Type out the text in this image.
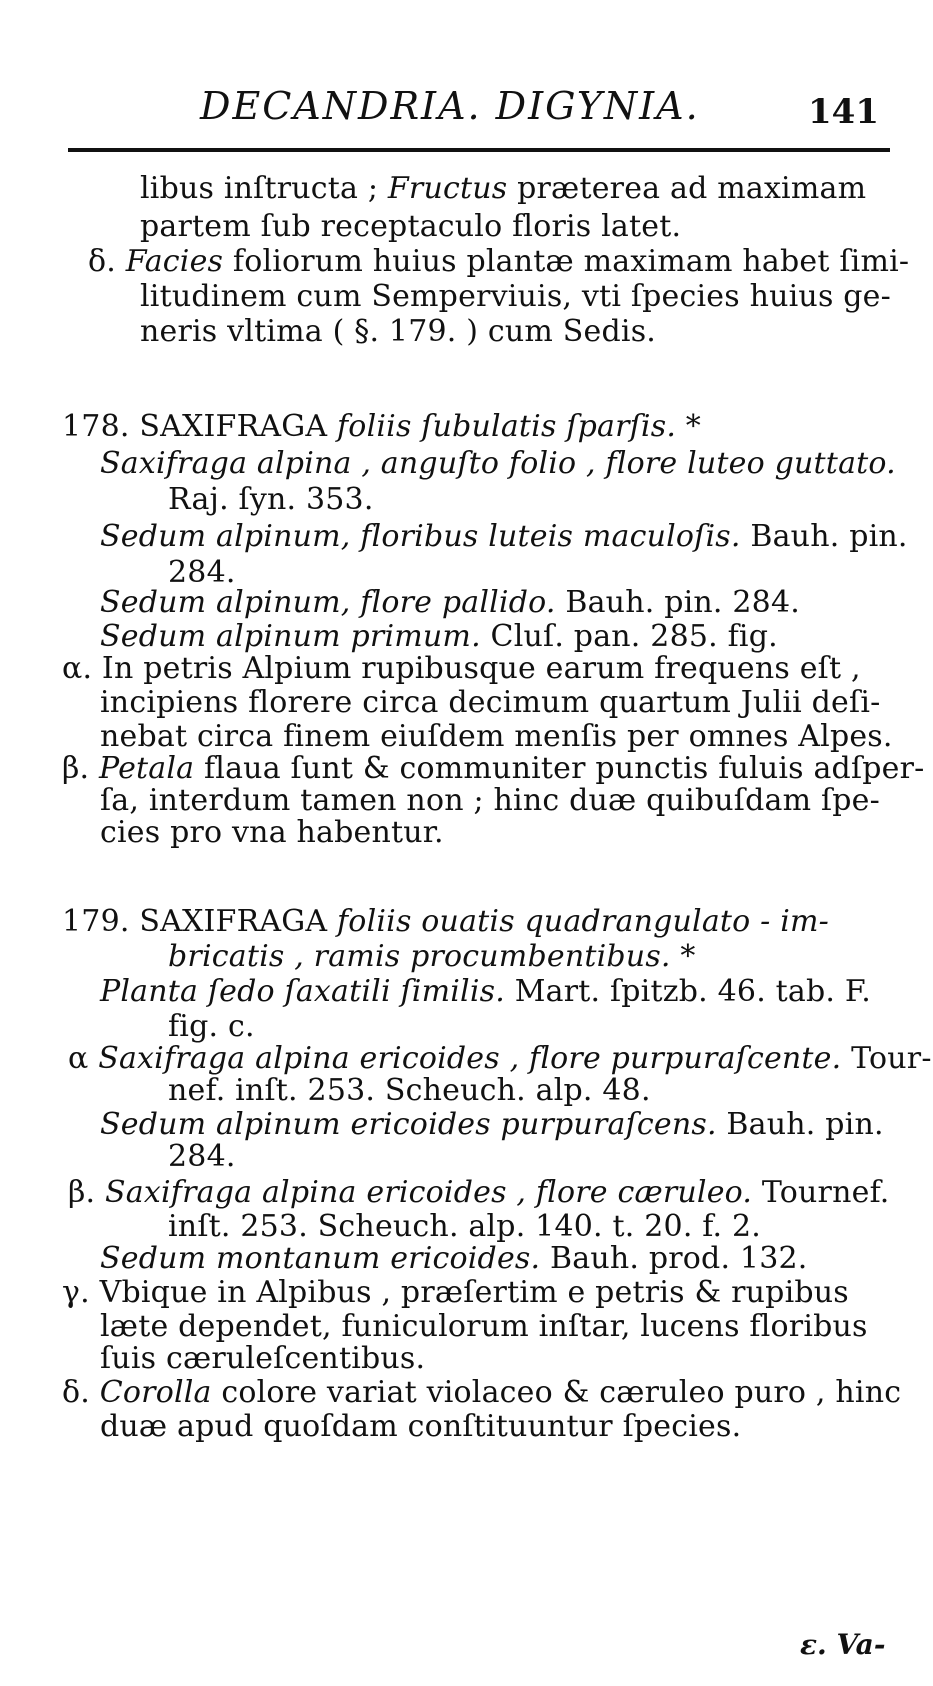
DECANDRIA. DIGYNIA.	141
libus inſtructa ; Fructus præterea ad maximam
partem ſub receptaculo floris latet.
δ. Facies foliorum huius plantæ maximam habet ſimi-
litudinem cum Semperviuis, vti ſpecies huius ge-
neris vltima ( §. 179. ) cum Sedis.
178. SAXIFRAGA foliis ſubulatis ſparſis. *
Saxifraga alpina , anguſto folio , flore luteo guttato.
Raj. ſyn. 353.
Sedum alpinum, floribus luteis maculoſis. Bauh. pin.
284.
Sedum alpinum, flore pallido. Bauh. pin. 284.
Sedum alpinum primum. Cluſ. pan. 285. fig.
α. In petris Alpium rupibusque earum frequens eſt ,
incipiens florere circa decimum quartum Julii deſi-
nebat circa finem eiuſdem menſis per omnes Alpes.
β. Petala flaua ſunt & communiter punctis fuluis adſper-
ſa, interdum tamen non ; hinc duæ quibuſdam ſpe-
cies pro vna habentur.
179. SAXIFRAGA foliis ouatis quadrangulato - im-
bricatis , ramis procumbentibus. *
Planta ſedo ſaxatili ſimilis. Mart. ſpitzb. 46. tab. F.
fig. c.
α Saxifraga alpina ericoides , flore purpuraſcente. Tour-
nef. inſt. 253. Scheuch. alp. 48.
Sedum alpinum ericoides purpuraſcens. Bauh. pin.
284.
β. Saxifraga alpina ericoides , flore cæruleo. Tournef.
inſt. 253. Scheuch. alp. 140. t. 20. f. 2.
Sedum montanum ericoides. Bauh. prod. 132.
γ. Vbique in Alpibus , præſertim e petris & rupibus
læte dependet, funiculorum inſtar, lucens floribus
ſuis cæruleſcentibus.
δ. Corolla colore variat violaceo & cæruleo puro , hinc
duæ apud quoſdam conſtituuntur ſpecies.
ε. Va-
